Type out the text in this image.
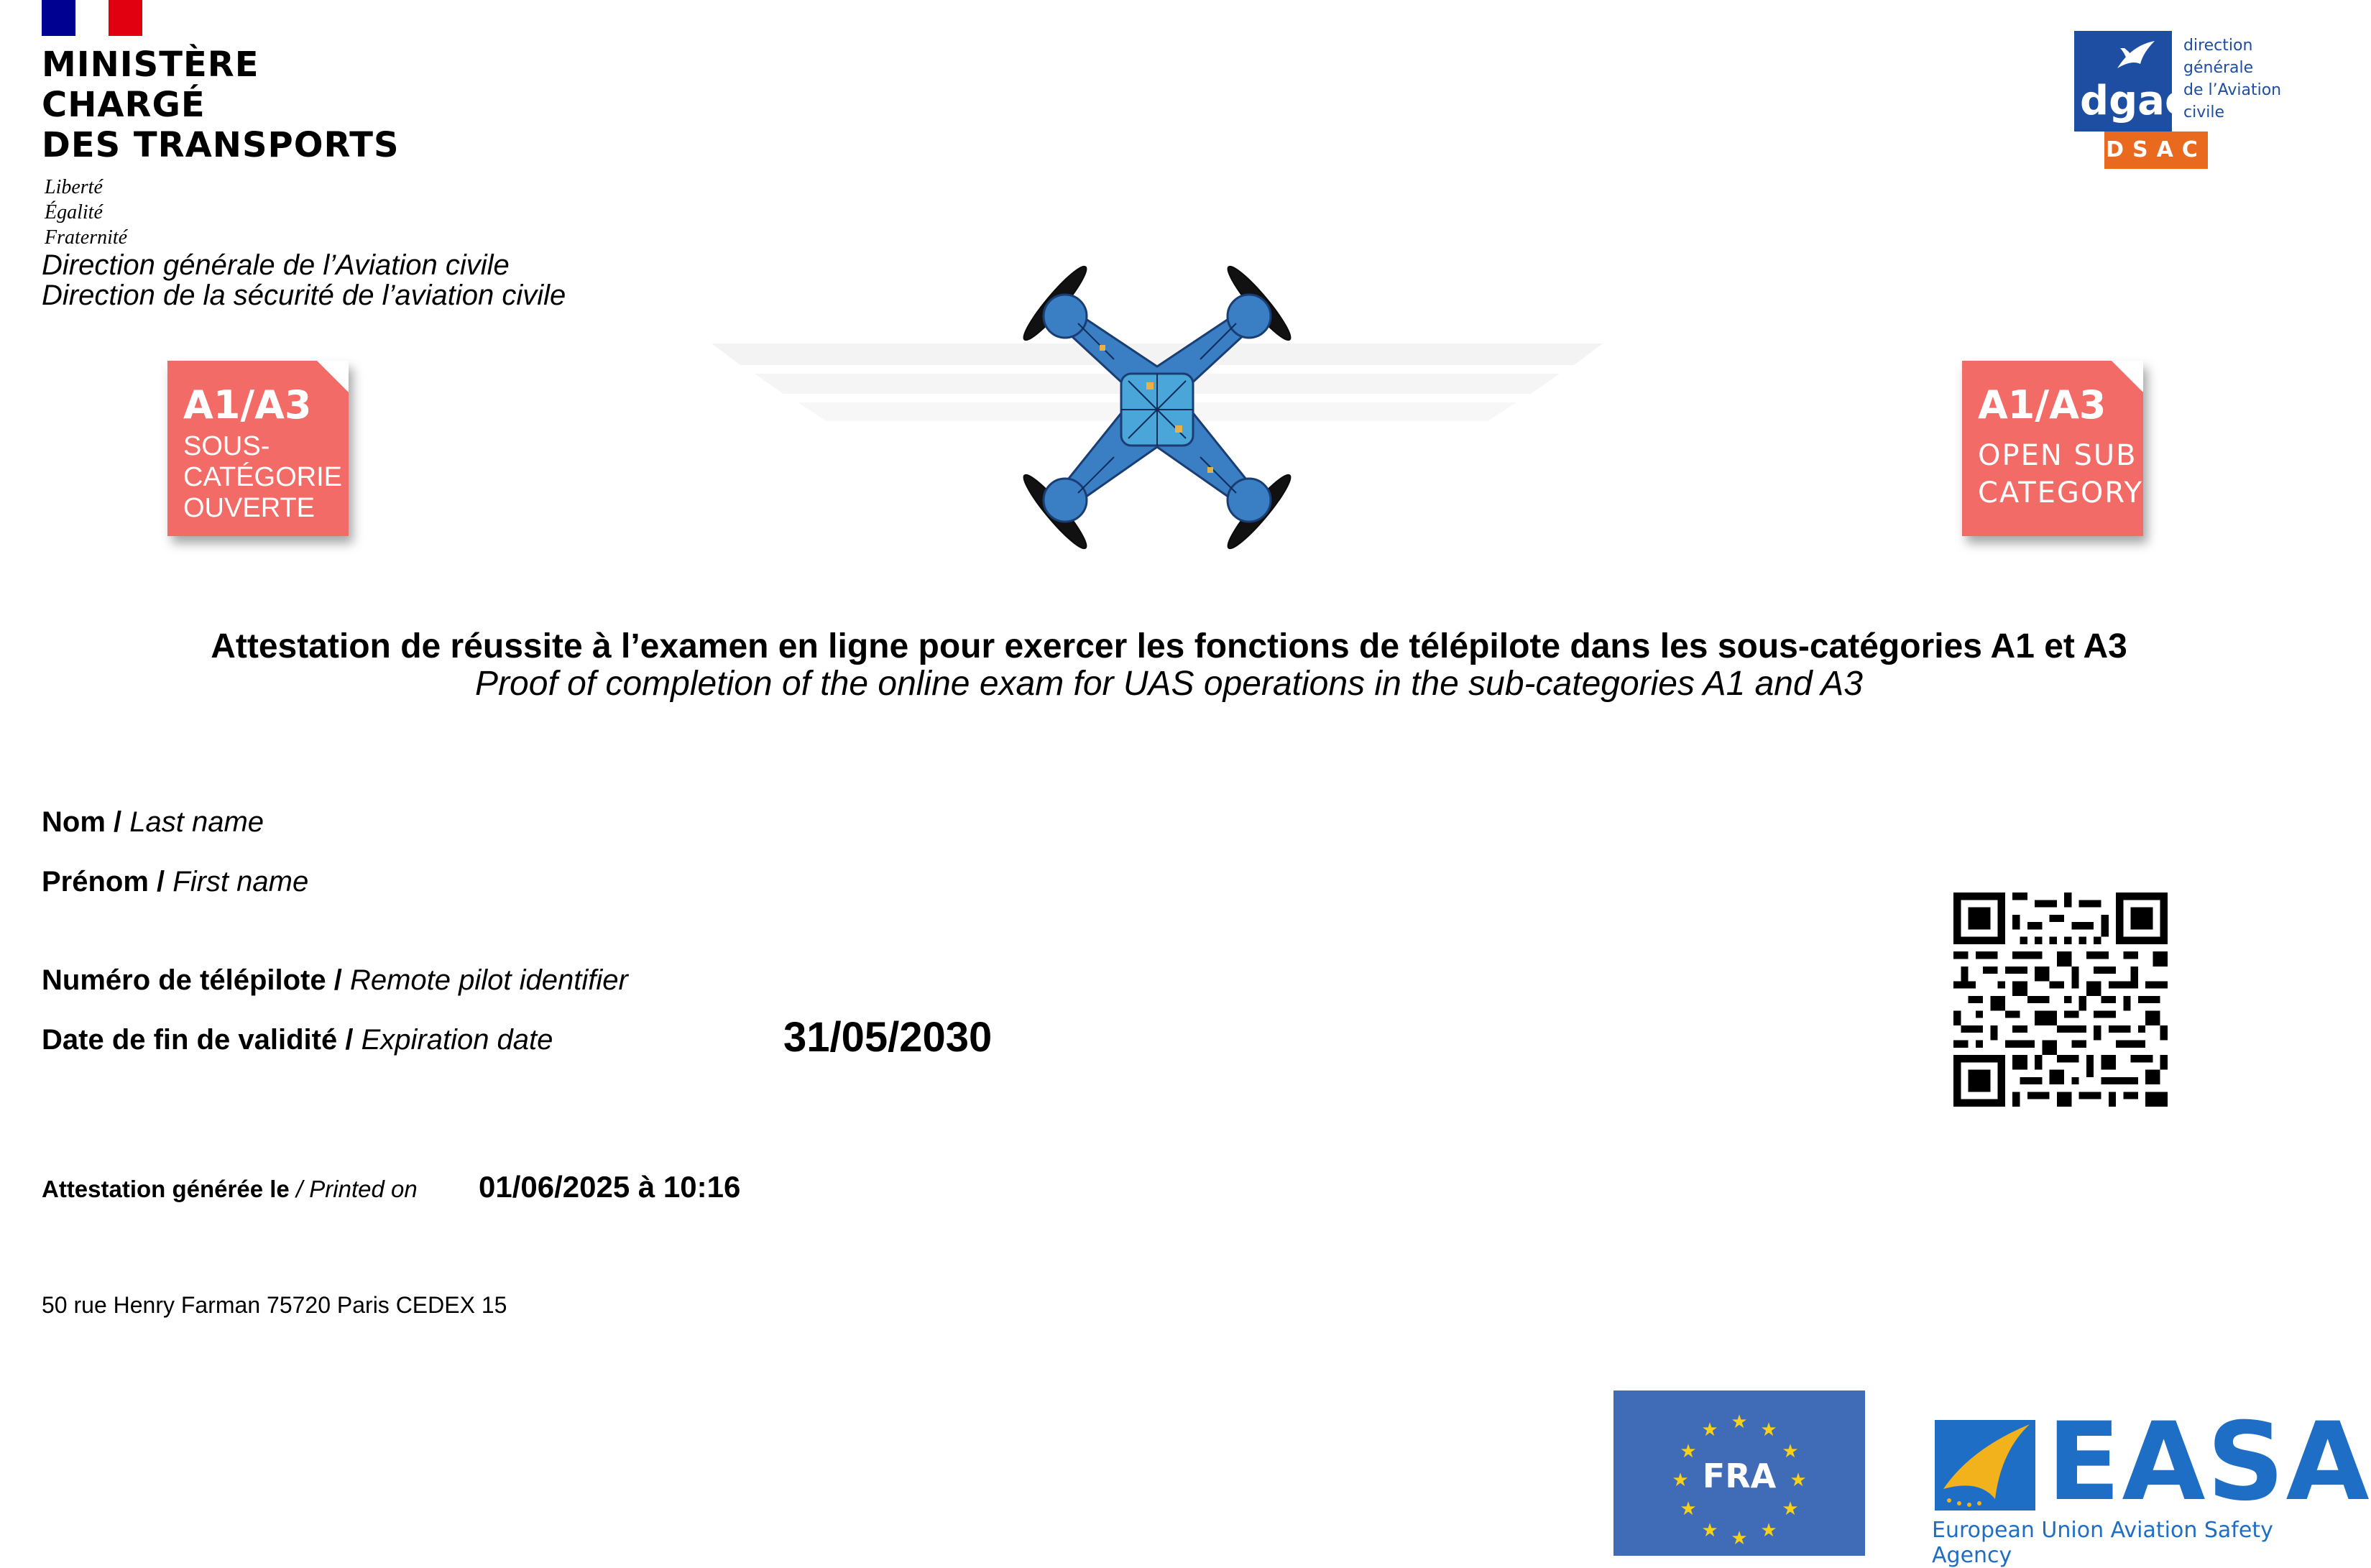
MINISTÈRE
CHARGÉ
DES TRANSPORTS
Liberté
Égalité
Fraternité
Direction générale de l’Aviation civile
Direction de la sécurité de l’aviation civile
dgac
direction
générale
de l’Aviation
civile
DSAC
A1/A3
SOUS-
CATÉGORIE
OUVERTE
A1/A3
OPEN SUB
CATEGORY
Attestation de réussite à l’examen en ligne pour exercer les fonctions de télépilote dans les sous-catégories A1 et A3
Proof of completion of the online exam for UAS operations in the sub-categories A1 and A3
Nom / Last name
Prénom / First name
Numéro de télépilote / Remote pilot identifier
Date de fin de validité / Expiration date	31/05/2030
Attestation générée le / Printed on 01/06/2025 à 10:16
50 rue Henry Farman 75720 Paris CEDEX 15
★ ★
★
★
★
★
★
★
★
★
★
★
FRA	EASA
European Union Aviation Safety Agency
